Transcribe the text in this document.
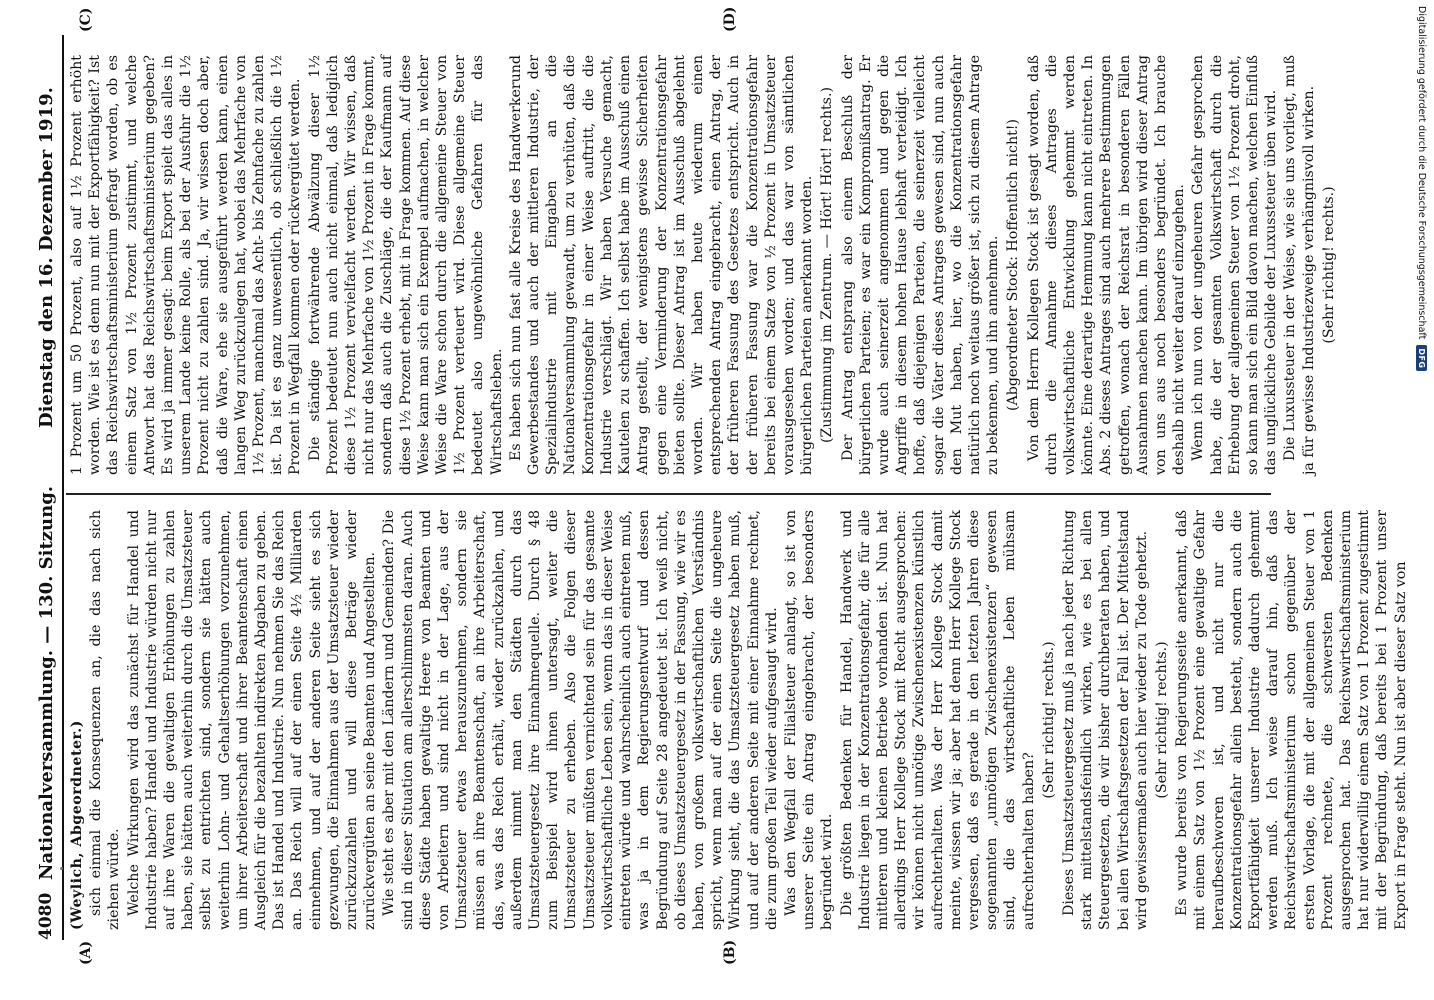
4080
Nationalversammlung. — 130. Sitzung.
Dienstag den 16. Dezember 1919.
(A)	(B)
(C)	(D)

(Weylich, Abgeordneter.) sich einmal die Konsequenzen an, die das nach sich ziehen würde. Welche Wirkungen wird das zunächst für Handel und Industrie haben? Handel und Industrie würden nicht nur auf ihre Waren die gewaltigen Erhöhungen zu zahlen haben, sie hätten auch weiterhin durch die Umsatzsteuer selbst zu entrichten sind, sondern sie hätten auch weiterhin Lohn- und Gehaltserhöhungen vorzunehmen, um ihrer Arbeiterschaft und ihrer Beamtenschaft einen Ausgleich für die bezahlten indirekten Abgaben zu geben. Das ist Handel und Industrie. Nun nehmen Sie das Reich an. Das Reich will auf der einen Seite 4½ Milliarden einnehmen, und auf der anderen Seite sieht es sich gezwungen, die Einnahmen aus der Umsatzsteuer wieder zurückzuzahlen und will diese Beträge wieder zurückvergüten an seine Beamten und Angestellten. Wie steht es aber mit den Ländern und Gemeinden? Die sind in dieser Situation am allerschlimmsten daran. Auch diese Städte haben gewaltige Heere von Beamten und von Arbeitern und sind nicht in der Lage, aus der Umsatzsteuer etwas herauszunehmen, sondern sie müssen an ihre Beamtenschaft, an ihre Arbeiterschaft, das, was das Reich erhält, wieder zurückzahlen, und außerdem nimmt man den Städten durch das Umsatzsteuergesetz ihre Einnahmequelle. Durch § 48 zum Beispiel wird ihnen untersagt, weiter die Umsatzsteuer zu erheben. Also die Folgen dieser Umsatzsteuer müßten vernichtend sein für das gesamte volkswirtschaftliche Leben sein, wenn das in dieser Weise eintreten würde und wahrscheinlich auch eintreten muß, was ja in dem Regierungsentwurf und dessen Begründung auf Seite 28 angedeutet ist. Ich weiß nicht, ob dieses Umsatzsteuergesetz in der Fassung, wie wir es haben, von großem volkswirtschaftlichen Verständnis spricht, wenn man auf der einen Seite die ungeheure Wirkung sieht, die das Umsatzsteuergesetz haben muß, und auf der anderen Seite mit einer Einnahme rechnet, die zum großen Teil wieder aufgesaugt wird. Was den Wegfall der Filialsteuer anlangt, so ist von unserer Seite ein Antrag eingebracht, der besonders begründet wird. Die größten Bedenken für Handel, Handwerk und Industrie liegen in der Konzentrationsgefahr, die für alle mittleren und kleinen Betriebe vorhanden ist. Nun hat allerdings Herr Kollege Stock mit Recht ausgesprochen: wir können nicht unnötige Zwischenexistenzen künstlich aufrechterhalten. Was der Herr Kollege Stock damit meinte, wissen wir ja; aber hat denn Herr Kollege Stock vergessen, daß es gerade in den letzten Jahren diese sogenannten „unnötigen Zwischenexistenzen“ gewesen sind, die das wirtschaftliche Leben mühsam aufrechterhalten haben?

(Sehr richtig! rechts.) Dieses Umsatzsteuergesetz muß ja nach jeder Richtung stark mittelstandsfeindlich wirken, wie es bei allen Steuergesetzen, die wir bisher durchberaten haben, und bei allen Wirtschaftsgesetzen der Fall ist. Der Mittelstand wird gewissermaßen auch hier wieder zu Tode gehetzt. (Sehr richtig! rechts.) Es wurde bereits von Regierungsseite anerkannt, daß mit einem Satz von 1½ Prozent eine gewaltige Gefahr heraufbeschworen ist, und nicht nur die Konzentrationsgefahr allein besteht, sondern auch die Exportfähigkeit unserer Industrie dadurch gehemmt werden muß. Ich weise darauf hin, daß das Reichswirtschaftsministerium schon gegenüber der ersten Vorlage, die mit der allgemeinen Steuer von 1 Prozent rechnete, die schwersten Bedenken ausgesprochen hat. Das Reichswirtschaftsministerium hat nur widerwillig einem Satz von 1 Prozent zugestimmt mit der Begründung, daß bereits bei 1 Prozent unser Export in Frage steht. Nun ist aber dieser Satz von

1 Prozent um 50 Prozent, also auf 1½ Prozent erhöht worden. Wie ist es denn nun mit der Exportfähigkeit? Ist das Reichswirtschaftsministerium gefragt worden, ob es einem Satz von 1½ Prozent zustimmt, und welche Antwort hat das Reichswirtschaftsministerium gegeben? Es wird ja immer gesagt: beim Export spielt das alles in unserem Lande keine Rolle, als bei der Ausfuhr die 1½ Prozent nicht zu zahlen sind. Ja, wir wissen doch aber, daß die Ware, ehe sie ausgeführt werden kann, einen langen Weg zurückzulegen hat, wobei das Mehrfache von 1½ Prozent, manchmal das Acht- bis Zehnfache zu zahlen ist. Da ist es ganz unwesentlich, ob schließlich die 1½ Prozent in Wegfall kommen oder rückvergütet werden. Die ständige fortwährende Abwälzung dieser 1½ Prozent bedeutet nun auch nicht einmal, daß lediglich diese 1½ Prozent vervielfacht werden. Wir wissen, daß nicht nur das Mehrfache von 1½ Prozent in Frage kommt, sondern daß auch die Zuschläge, die der Kaufmann auf diese 1½ Prozent erhebt, mit in Frage kommen. Auf diese Weise kann man sich ein Exempel aufmachen, in welcher Weise die Ware schon durch die allgemeine Steuer von 1½ Prozent verteuert wird. Diese allgemeine Steuer bedeutet also ungewöhnliche Gefahren für das Wirtschaftsleben. Es haben sich nun fast alle Kreise des Handwerkerund Gewerbestandes und auch der mittleren Industrie, der Spezialindustrie mit Eingaben an die Nationalversammlung gewandt, um zu verhüten, daß die Konzentrationsgefahr in einer Weise auftritt, die die Industrie verschlägt. Wir haben Versuche gemacht, Kautelen zu schaffen. Ich selbst habe im Ausschuß einen Antrag gestellt, der wenigstens gewisse Sicherheiten gegen eine Verminderung der Konzentrationsgefahr bieten sollte. Dieser Antrag ist im Ausschuß abgelehnt worden. Wir haben heute wiederum einen entsprechenden Antrag eingebracht, einen Antrag, der der früheren Fassung des Gesetzes entspricht. Auch in der früheren Fassung war die Konzentrationsgefahr bereits bei einem Satze von ½ Prozent in Umsatzsteuer vorausgesehen worden; und das war von sämtlichen bürgerlichen Parteien anerkannt worden. (Zustimmung im Zentrum. — Hört! Hört! rechts.) Der Antrag entsprang also einem Beschluß der bürgerlichen Parteien; es war ein Kompromißantrag. Er wurde auch seinerzeit angenommen und gegen die Angriffe in diesem hohen Hause lebhaft verteidigt. Ich hoffe, daß diejenigen Parteien, die seinerzeit vielleicht sogar die Väter dieses Antrages gewesen sind, nun auch den Mut haben, hier, wo die Konzentrationsgefahr natürlich noch weitaus größer ist, sich zu diesem Antrage zu bekennen, und ihn annehmen. (Abgeordneter Stock: Hoffentlich nicht!) Von dem Herrn Kollegen Stock ist gesagt worden, daß durch die Annahme dieses Antrages die volkswirtschaftliche Entwicklung gehemmt werden könnte. Eine derartige Hemmung kann nicht eintreten. In Abs. 2 dieses Antrages sind auch mehrere Bestimmungen getroffen, wonach der Reichsrat in besonderen Fällen Ausnahmen machen kann. Im übrigen wird dieser Antrag von uns aus noch besonders begründet. Ich brauche deshalb nicht weiter darauf einzugehen. Wenn ich nun von der ungeheuren Gefahr gesprochen habe, die der gesamten Volkswirtschaft durch die Erhebung der allgemeinen Steuer von 1½ Prozent droht, so kann man sich ein Bild davon machen, welchen Einfluß das unglückliche Gebilde der Luxussteuer üben wird. Die Luxussteuer in der Weise, wie sie uns vorliegt, muß ja für gewisse Industriezweige verhängnisvoll wirken. (Sehr richtig! rechts.)	Digitalisierung gefördert durch die Deutsche Forschungsgemeinschaft
DFG
